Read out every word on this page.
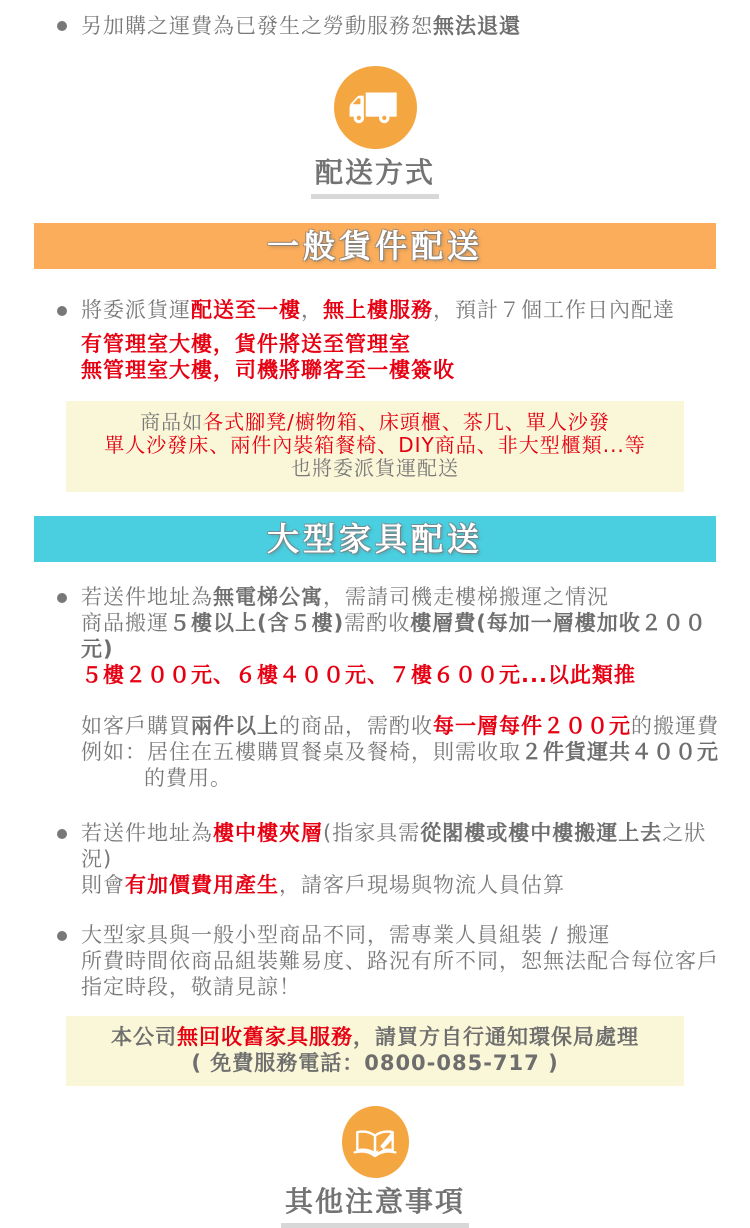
另加購之運費為已發生之勞動服務恕無法退還
配送方式
一般貨件配送
將委派貨運配送至一樓，無上樓服務，預計７個工作日內配達
有管理室大樓，貨件將送至管理室
無管理室大樓，司機將聯客至一樓簽收
商品如各式腳凳/櫥物箱、床頭櫃、茶几、單人沙發
單人沙發床、兩件內裝箱餐椅、DIY商品、非大型櫃類...等
也將委派貨運配送
大型家具配送
若送件地址為無電梯公寓，需請司機走樓梯搬運之情況
商品搬運５樓以上(含５樓)需酌收樓層費(每加一層樓加收２００元)
５樓２００元、６樓４００元、７樓６００元...以此類推
如客戶購買兩件以上的商品，需酌收每一層每件２００元的搬運費
例如：居住在五樓購買餐桌及餐椅，則需收取２件貨運共４００元
的費用。
若送件地址為樓中樓夾層(指家具需從閣樓或樓中樓搬運上去之狀況)
則會有加價費用產生，請客戶現場與物流人員估算
大型家具與一般小型商品不同，需專業人員組裝 / 搬運
所費時間依商品組裝難易度、路況有所不同，恕無法配合每位客戶
指定時段，敬請見諒！
本公司無回收舊家具服務，請買方自行通知環保局處理
( 免費服務電話：0800-085-717 )
其他注意事項
